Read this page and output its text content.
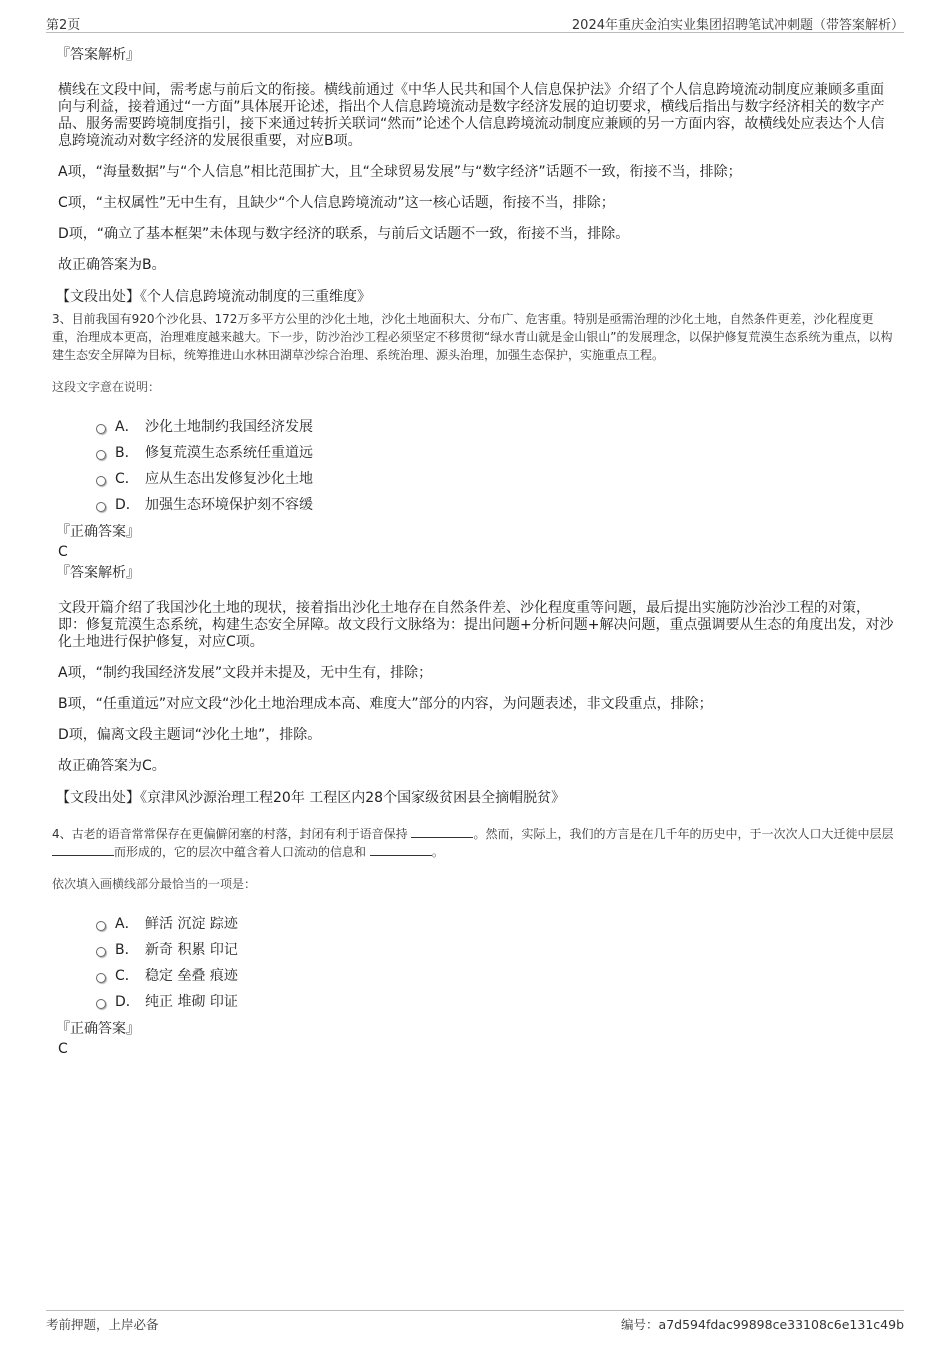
第2页	2024年重庆金泊实业集团招聘笔试冲刺题（带答案解析）
『答案解析』

横线在文段中间，需考虑与前后文的衔接。横线前通过《中华人民共和国个人信息保护法》介绍了个人信息跨境流动制度应兼顾多重面向与利益，接着通过“一方面”具体展开论述，指出个人信息跨境流动是数字经济发展的迫切要求，横线后指出与数字经济相关的数字产品、服务需要跨境制度指引，接下来通过转折关联词“然而”论述个人信息跨境流动制度应兼顾的另一方面内容，故横线处应表达个人信息跨境流动对数字经济的发展很重要，对应B项。

A项，“海量数据”与“个人信息”相比范围扩大，且“全球贸易发展”与“数字经济”话题不一致，衔接不当，排除；

C项，“主权属性”无中生有，且缺少“个人信息跨境流动”这一核心话题，衔接不当，排除；

D项，“确立了基本框架”未体现与数字经济的联系，与前后文话题不一致，衔接不当，排除。

故正确答案为B。

【文段出处】《个人信息跨境流动制度的三重维度》

3、目前我国有920个沙化县、172万多平方公里的沙化土地，沙化土地面积大、分布广、危害重。特别是亟需治理的沙化土地，自然条件更差，沙化程度更重，治理成本更高，治理难度越来越大。下一步，防沙治沙工程必须坚定不移贯彻“绿水青山就是金山银山”的发展理念，以保护修复荒漠生态系统为重点，以构建生态安全屏障为目标，统筹推进山水林田湖草沙综合治理、系统治理、源头治理，加强生态保护，实施重点工程。

这段文字意在说明：

A． 沙化土地制约我国经济发展
B． 修复荒漠生态系统任重道远
C． 应从生态出发修复沙化土地
D． 加强生态环境保护刻不容缓
『正确答案』
C
『答案解析』

文段开篇介绍了我国沙化土地的现状，接着指出沙化土地存在自然条件差、沙化程度重等问题，最后提出实施防沙治沙工程的对策，即：修复荒漠生态系统，构建生态安全屏障。故文段行文脉络为：提出问题+分析问题+解决问题，重点强调要从生态的角度出发，对沙化土地进行保护修复，对应C项。

A项，“制约我国经济发展”文段并未提及，无中生有，排除；

B项，“任重道远”对应文段“沙化土地治理成本高、难度大”部分的内容，为问题表述，非文段重点，排除；

D项，偏离文段主题词“沙化土地”，排除。

故正确答案为C。

【文段出处】《京津风沙源治理工程20年 工程区内28个国家级贫困县全摘帽脱贫》

4、古老的语音常常保存在更偏僻闭塞的村落，封闭有利于语音保持	。然而，实际上，我们的方言是在几千年的历史中，于一次次人口大迁徙中层层而形成的，它的层次中蕴含着人口流动的信息和	。

依次填入画横线部分最恰当的一项是：

A． 鲜活 沉淀 踪迹
B． 新奇 积累 印记
C． 稳定 垒叠 痕迹
D． 纯正 堆砌 印证
『正确答案』
C
考前押题，上岸必备	编号：a7d594fdac99898ce33108c6e131c49b
